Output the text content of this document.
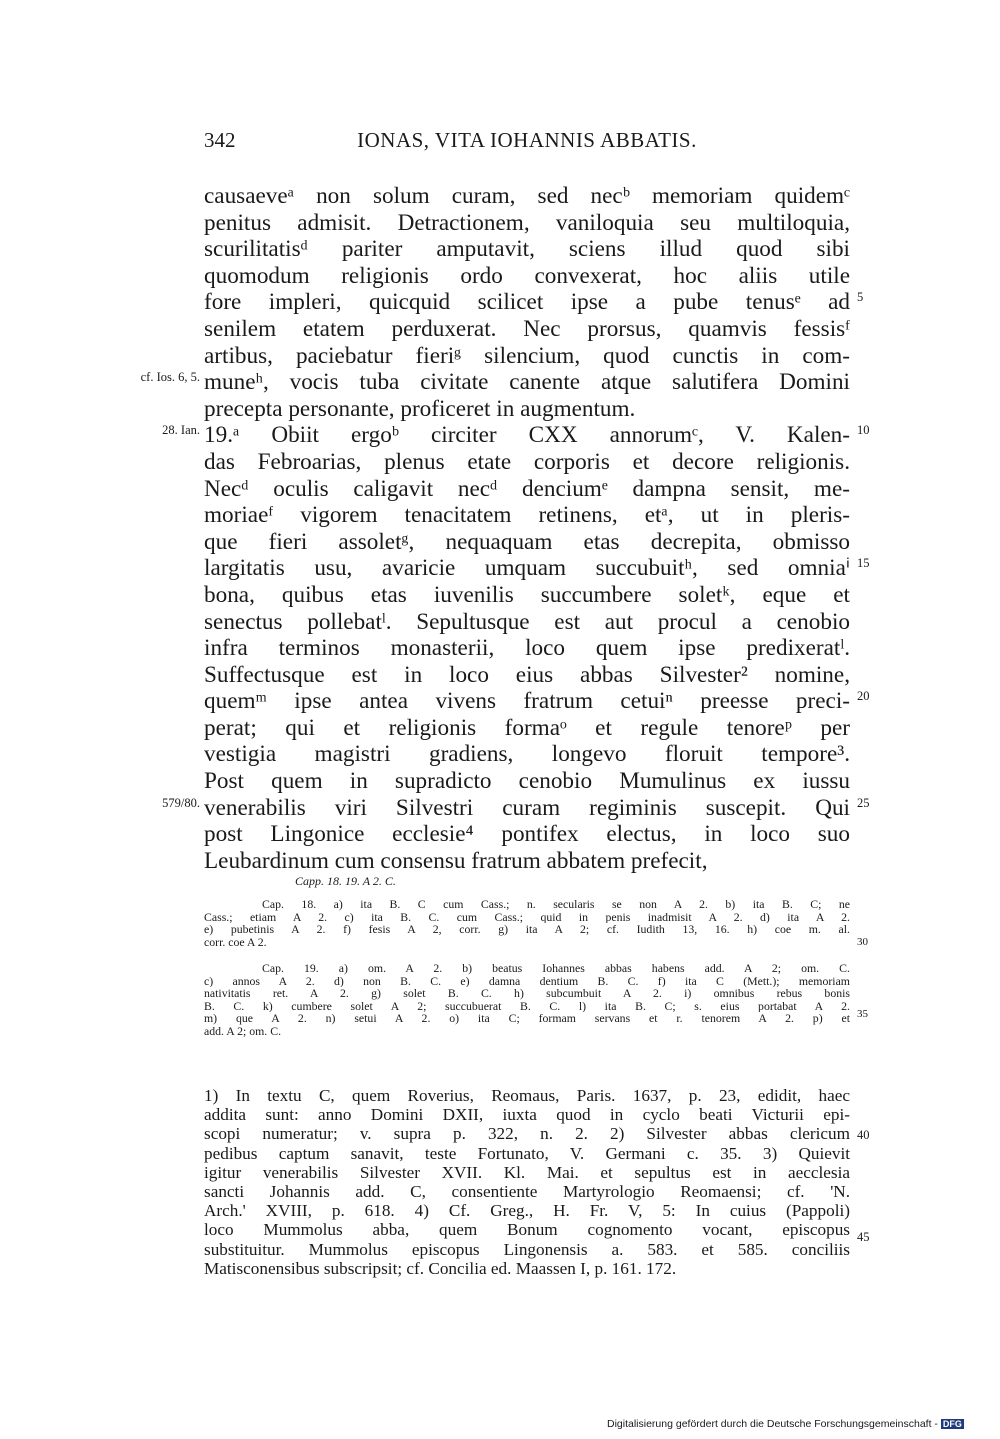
342	IONAS, VITA IOHANNIS ABBATIS.
causaeveᵃ non solum curam, sed necᵇ memoriam quidemᶜ
penitus admisit. Detractionem, vaniloquia seu multiloquia,
scurilitatisᵈ pariter amputavit, sciens illud quod sibi
quomodum religionis ordo convexerat, hoc aliis utile
fore impleri, quicquid scilicet ipse a pube tenusᵉ ad
senilem etatem perduxerat. Nec prorsus, quamvis fessisᶠ
artibus, paciebatur fieriᵍ silencium, quod cunctis in com-
muneʰ, vocis tuba civitate canente atque salutifera Domini
precepta personante, proficeret in augmentum.
19.ᵃ Obiit ergoᵇ circiter CXX annorumᶜ, V. Kalen-
das Febroarias, plenus etate corporis et decore religionis.
Necᵈ oculis caligavit necᵈ denciumᵉ dampna sensit, me-
moriaeᶠ vigorem tenacitatem retinens, etᵃ, ut in pleris-
que fieri assoletᵍ, nequaquam etas decrepita, obmisso
largitatis usu, avaricie umquam succubuitʰ, sed omniaⁱ
bona, quibus etas iuvenilis succumbere soletᵏ, eque et
senectus pollebatˡ. Sepultusque est aut procul a cenobio
infra terminos monasterii, loco quem ipse predixeratˡ.
Suffectusque est in loco eius abbas Silvester² nomine,
quemᵐ ipse antea vivens fratrum cetuiⁿ preesse preci-
perat; qui et religionis formaᵒ et regule tenoreᵖ per
vestigia magistri gradiens, longevo floruit tempore³.
Post quem in supradicto cenobio Mumulinus ex iussu
venerabilis viri Silvestri curam regiminis suscepit. Qui
post Lingonice ecclesie⁴ pontifex electus, in loco suo
Leubardinum cum consensu fratrum abbatem prefecit,
cf. Ios. 6, 5.
28. Ian.
579/80.
5
10
15
20
25
Capp. 18. 19. A 2. C.
Cap. 18. a) ita B. C cum Cass.; n. secularis se non A 2. b) ita B. C; ne
Cass.; etiam A 2. c) ita B. C. cum Cass.; quid in penis inadmisit A 2. d) ita A 2.
e) pubetinis A 2. f) fesis A 2, corr. g) ita A 2; cf. Iudith 13, 16. h) coe m. al.
corr. coe A 2.	30
Cap. 19. a) om. A 2. b) beatus Iohannes abbas habens add. A 2; om. C.
c) annos A 2. d) non B. C. e) damna dentium B. C. f) ita C (Mett.); memoriam
nativitatis ret. A 2. g) solet B. C. h) subcumbuit A 2. i) omnibus rebus bonis
B. C. k) cumbere solet A 2; succubuerat B. C. l) ita B. C; s. eius portabat A 2.
m) que A 2. n) setui A 2. o) ita C; formam servans et r. tenorem A 2. p) et
add. A 2; om. C.
35
1) In textu C, quem Roverius, Reomaus, Paris. 1637, p. 23, edidit, haec
addita sunt: anno Domini DXII, iuxta quod in cyclo beati Victurii epi-
scopi numeratur; v. supra p. 322, n. 2. 2) Silvester abbas clericum
pedibus captum sanavit, teste Fortunato, V. Germani c. 35. 3) Quievit
igitur venerabilis Silvester XVII. Kl. Mai. et sepultus est in aecclesia
sancti Johannis add. C, consentiente Martyrologio Reomaensi; cf. 'N.
Arch.' XVIII, p. 618. 4) Cf. Greg., H. Fr. V, 5: In cuius (Pappoli)
loco Mummolus abba, quem Bonum cognomento vocant, episcopus
substituitur. Mummolus episcopus Lingonensis a. 583. et 585. conciliis
Matisconensibus subscripsit; cf. Concilia ed. Maassen I, p. 161. 172.
40
45
Digitalisierung gefördert durch die Deutsche Forschungsgemeinschaft - DFG
